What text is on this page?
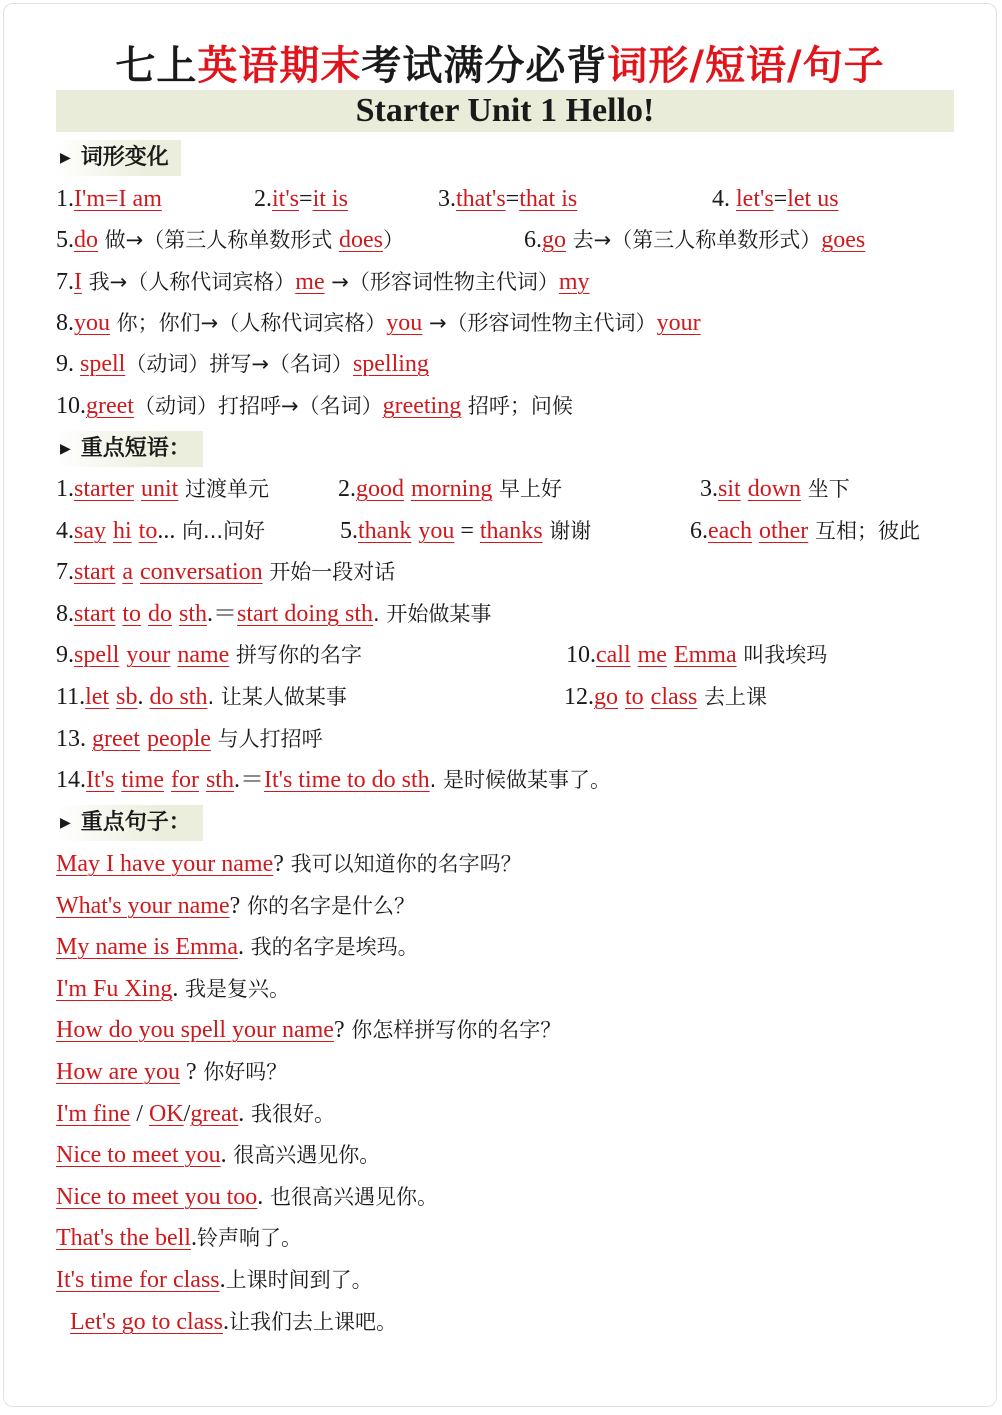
七上英语期末考试满分必背词形/短语/句子
Starter Unit 1 Hello!
▶ 词形变化
1.I'm=I am	2.it's=it is	3.that's=that is	4. let's=let us
5.do 做→（第三人称单数形式 does）	6.go 去→（第三人称单数形式）goes
7.I 我→（人称代词宾格）me →（形容词性物主代词）my
8.you 你；你们→（人称代词宾格）you →（形容词性物主代词）your
9. spell（动词）拼写→（名词）spelling
10.greet（动词）打招呼→（名词）greeting 招呼；问候
▶ 重点短语：
1.starter unit 过渡单元	2.good morning 早上好	3.sit down 坐下
4.say hi to... 向...问好	5.thank you = thanks 谢谢	6.each other 互相；彼此
7.start a conversation 开始一段对话
8.start to do sth.＝start doing sth. 开始做某事
9.spell your name 拼写你的名字	10.call me Emma 叫我埃玛
11.let sb. do sth. 让某人做某事	12.go to class 去上课
13. greet people 与人打招呼
14.It's time for sth.＝It's time to do sth. 是时候做某事了。
▶ 重点句子：
May I have your name? 我可以知道你的名字吗？
What's your name? 你的名字是什么？
My name is Emma. 我的名字是埃玛。
I'm Fu Xing. 我是复兴。
How do you spell your name? 你怎样拼写你的名字？
How are you ? 你好吗？
I'm fine / OK/great. 我很好。
Nice to meet you. 很高兴遇见你。
Nice to meet you too. 也很高兴遇见你。
That's the bell.铃声响了。
It's time for class.上课时间到了。
Let's go to class.让我们去上课吧。
